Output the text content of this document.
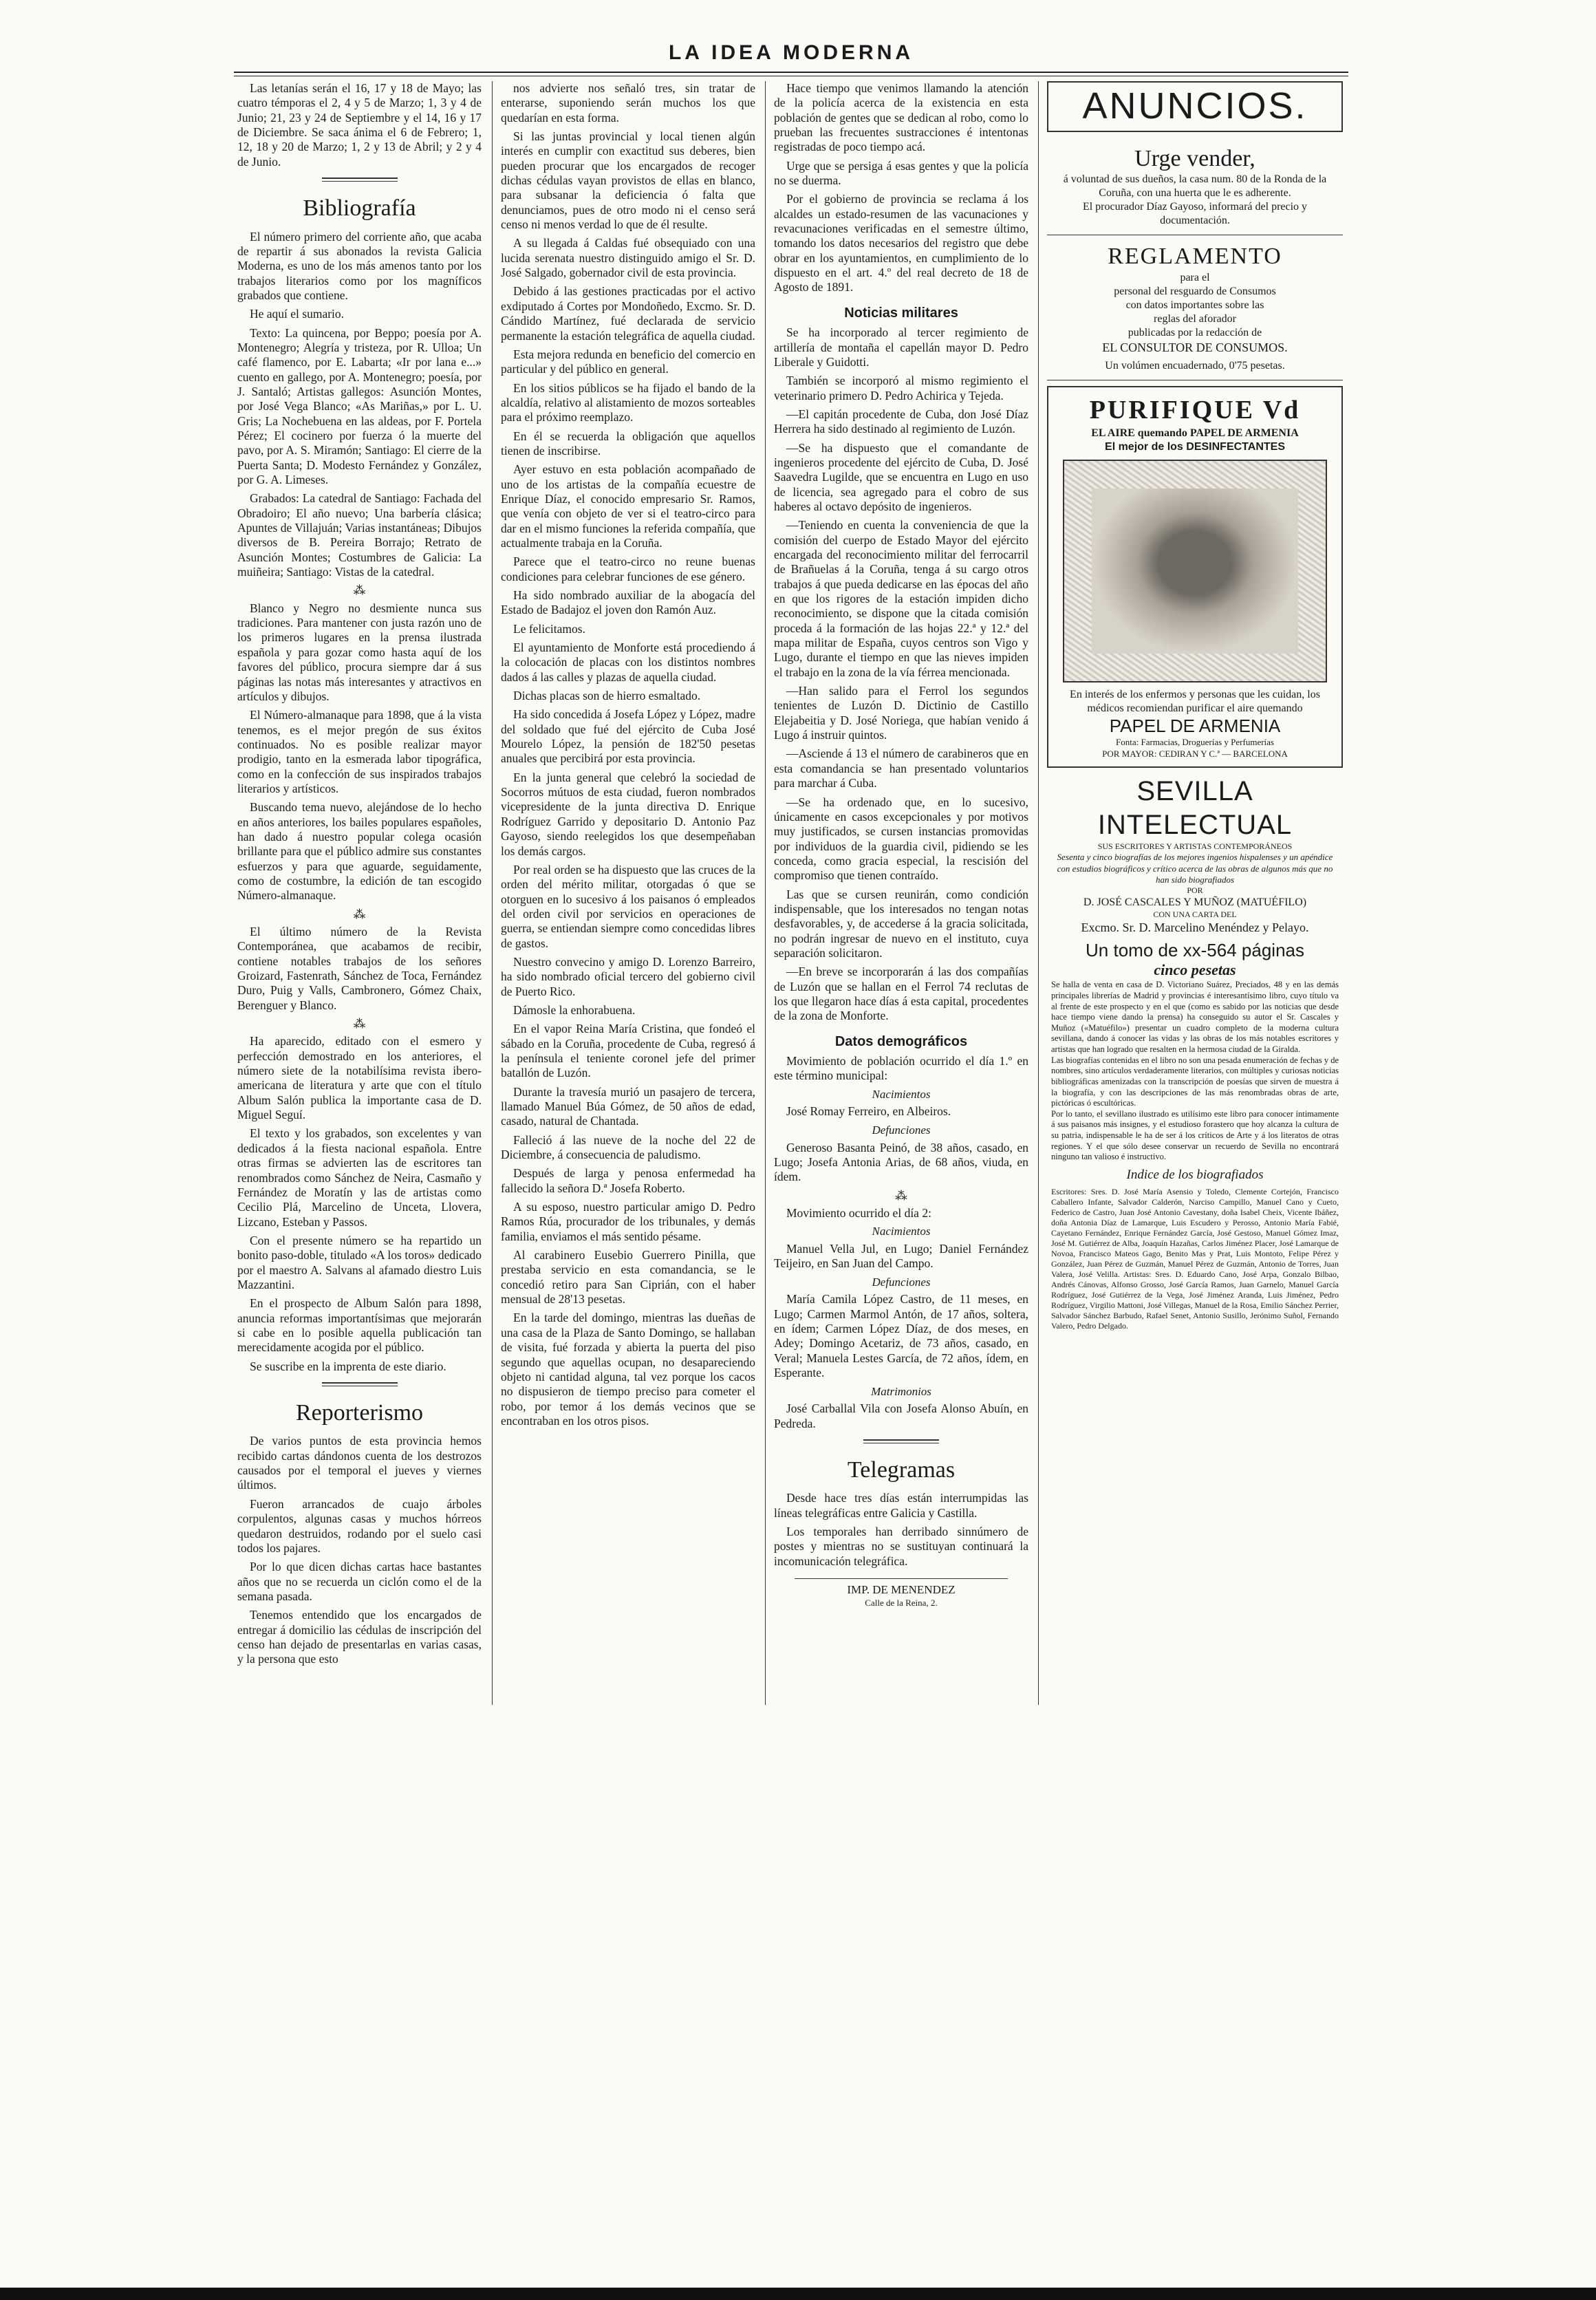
LA IDEA MODERNA

Las letanías serán el 16, 17 y 18 de Mayo; las cuatro témporas el 2, 4 y 5 de Marzo; 1, 3 y 4 de Junio; 21, 23 y 24 de Septiembre y el 14, 16 y 17 de Diciembre. Se saca ánima el 6 de Febrero; 1, 12, 18 y 20 de Marzo; 1, 2 y 13 de Abril; y 2 y 4 de Junio.

Bibliografía

El número primero del corriente año, que acaba de repartir á sus abonados la revista Galicia Moderna, es uno de los más amenos tanto por los trabajos literarios como por los magníficos grabados que contiene.

He aquí el sumario.

Texto: La quincena, por Beppo; poesía por A. Montenegro; Alegría y tristeza, por R. Ulloa; Un café flamenco, por E. Labarta; «Ir por lana e...» cuento en gallego, por A. Montenegro; poesía, por J. Santaló; Artistas gallegos: Asunción Montes, por José Vega Blanco; «As Mariñas,» por L. U. Gris; La Nochebuena en las aldeas, por F. Portela Pérez; El cocinero por fuerza ó la muerte del pavo, por A. S. Miramón; Santiago: El cierre de la Puerta Santa; D. Modesto Fernández y González, por G. A. Limeses.

Grabados: La catedral de Santiago: Fachada del Obradoiro; El año nuevo; Una barbería clásica; Apuntes de Villajuán; Varias instantáneas; Dibujos diversos de B. Pereira Borrajo; Retrato de Asunción Montes; Costumbres de Galicia: La muiñeira; Santiago: Vistas de la catedral.

⁂

Blanco y Negro no desmiente nunca sus tradiciones. Para mantener con justa razón uno de los primeros lugares en la prensa ilustrada española y para gozar como hasta aquí de los favores del público, procura siempre dar á sus páginas las notas más interesantes y atractivos en artículos y dibujos.

El Número-almanaque para 1898, que á la vista tenemos, es el mejor pregón de sus éxitos continuados. No es posible realizar mayor prodigio, tanto en la esmerada labor tipográfica, como en la confección de sus inspirados trabajos literarios y artísticos.

Buscando tema nuevo, alejándose de lo hecho en años anteriores, los bailes populares españoles, han dado á nuestro popular colega ocasión brillante para que el público admire sus constantes esfuerzos y para que aguarde, seguidamente, como de costumbre, la edición de tan escogido Número-almanaque.

⁂

El último número de la Revista Contemporánea, que acabamos de recibir, contiene notables trabajos de los señores Groizard, Fastenrath, Sánchez de Toca, Fernández Duro, Puig y Valls, Cambronero, Gómez Chaix, Berenguer y Blanco.

⁂

Ha aparecido, editado con el esmero y perfección demostrado en los anteriores, el número siete de la notabilísima revista ibero-americana de literatura y arte que con el título Album Salón publica la importante casa de D. Miguel Seguí.

El texto y los grabados, son excelentes y van dedicados á la fiesta nacional española. Entre otras firmas se advierten las de escritores tan renombrados como Sánchez de Neira, Casmaño y Fernández de Moratín y las de artistas como Cecilio Plá, Marcelino de Unceta, Llovera, Lizcano, Esteban y Passos.

Con el presente número se ha repartido un bonito paso-doble, titulado «A los toros» dedicado por el maestro A. Salvans al afamado diestro Luis Mazzantini.

En el prospecto de Album Salón para 1898, anuncia reformas importantísimas que mejorarán si cabe en lo posible aquella publicación tan merecidamente acogida por el público.

Se suscribe en la imprenta de este diario.

Reporterismo

De varios puntos de esta provincia hemos recibido cartas dándonos cuenta de los destrozos causados por el temporal el jueves y viernes últimos.

Fueron arrancados de cuajo árboles corpulentos, algunas casas y muchos hórreos quedaron destruidos, rodando por el suelo casi todos los pajares.

Por lo que dicen dichas cartas hace bastantes años que no se recuerda un ciclón como el de la semana pasada.

Tenemos entendido que los encargados de entregar á domicilio las cédulas de inscripción del censo han dejado de presentarlas en varias casas, y la persona que esto

nos advierte nos señaló tres, sin tratar de enterarse, suponiendo serán muchos los que quedarían en esta forma.

Si las juntas provincial y local tienen algún interés en cumplir con exactitud sus deberes, bien pueden procurar que los encargados de recoger dichas cédulas vayan provistos de ellas en blanco, para subsanar la deficiencia ó falta que denunciamos, pues de otro modo ni el censo será censo ni menos verdad lo que de él resulte.

A su llegada á Caldas fué obsequiado con una lucida serenata nuestro distinguido amigo el Sr. D. José Salgado, gobernador civil de esta provincia.

Debido á las gestiones practicadas por el activo exdiputado á Cortes por Mondoñedo, Excmo. Sr. D. Cándido Martínez, fué declarada de servicio permanente la estación telegráfica de aquella ciudad.

Esta mejora redunda en beneficio del comercio en particular y del público en general.

En los sitios públicos se ha fijado el bando de la alcaldía, relativo al alistamiento de mozos sorteables para el próximo reemplazo.

En él se recuerda la obligación que aquellos tienen de inscribirse.

Ayer estuvo en esta población acompañado de uno de los artistas de la compañía ecuestre de Enrique Díaz, el conocido empresario Sr. Ramos, que venía con objeto de ver si el teatro-circo para dar en el mismo funciones la referida compañía, que actualmente trabaja en la Coruña.

Parece que el teatro-circo no reune buenas condiciones para celebrar funciones de ese género.

Ha sido nombrado auxiliar de la abogacía del Estado de Badajoz el joven don Ramón Auz.

Le felicitamos.

El ayuntamiento de Monforte está procediendo á la colocación de placas con los distintos nombres dados á las calles y plazas de aquella ciudad.

Dichas placas son de hierro esmaltado.

Ha sido concedida á Josefa López y López, madre del soldado que fué del ejército de Cuba José Mourelo López, la pensión de 182'50 pesetas anuales que percibirá por esta provincia.

En la junta general que celebró la sociedad de Socorros mútuos de esta ciudad, fueron nombrados vicepresidente de la junta directiva D. Enrique Rodríguez Garrido y depositario D. Antonio Paz Gayoso, siendo reelegidos los que desempeñaban los demás cargos.

Por real orden se ha dispuesto que las cruces de la orden del mérito militar, otorgadas ó que se otorguen en lo sucesivo á los paisanos ó empleados del orden civil por servicios en operaciones de guerra, se entiendan siempre como concedidas libres de gastos.

Nuestro convecino y amigo D. Lorenzo Barreiro, ha sido nombrado oficial tercero del gobierno civil de Puerto Rico.

Dámosle la enhorabuena.

En el vapor Reina María Cristina, que fondeó el sábado en la Coruña, procedente de Cuba, regresó á la península el teniente coronel jefe del primer batallón de Luzón.

Durante la travesía murió un pasajero de tercera, llamado Manuel Búa Gómez, de 50 años de edad, casado, natural de Chantada.

Falleció á las nueve de la noche del 22 de Diciembre, á consecuencia de paludismo.

Después de larga y penosa enfermedad ha fallecido la señora D.ª Josefa Roberto.

A su esposo, nuestro particular amigo D. Pedro Ramos Rúa, procurador de los tribunales, y demás familia, enviamos el más sentido pésame.

Al carabinero Eusebio Guerrero Pinilla, que prestaba servicio en esta comandancia, se le concedió retiro para San Ciprián, con el haber mensual de 28'13 pesetas.

En la tarde del domingo, mientras las dueñas de una casa de la Plaza de Santo Domingo, se hallaban de visita, fué forzada y abierta la puerta del piso segundo que aquellas ocupan, no desapareciendo objeto ni cantidad alguna, tal vez porque los cacos no dispusieron de tiempo preciso para cometer el robo, por temor á los demás vecinos que se encontraban en los otros pisos.

Hace tiempo que venimos llamando la atención de la policía acerca de la existencia en esta población de gentes que se dedican al robo, como lo prueban las frecuentes sustracciones é intentonas registradas de poco tiempo acá.

Urge que se persiga á esas gentes y que la policía no se duerma.

Por el gobierno de provincia se reclama á los alcaldes un estado-resumen de las vacunaciones y revacunaciones verificadas en el semestre último, tomando los datos necesarios del registro que debe obrar en los ayuntamientos, en cumplimiento de lo dispuesto en el art. 4.º del real decreto de 18 de Agosto de 1891.

Noticias militares

Se ha incorporado al tercer regimiento de artillería de montaña el capellán mayor D. Pedro Liberale y Guidotti.

También se incorporó al mismo regimiento el veterinario primero D. Pedro Achirica y Tejeda.

—El capitán procedente de Cuba, don José Díaz Herrera ha sido destinado al regimiento de Luzón.

—Se ha dispuesto que el comandante de ingenieros procedente del ejército de Cuba, D. José Saavedra Lugilde, que se encuentra en Lugo en uso de licencia, sea agregado para el cobro de sus haberes al octavo depósito de ingenieros.

—Teniendo en cuenta la conveniencia de que la comisión del cuerpo de Estado Mayor del ejército encargada del reconocimiento militar del ferrocarril de Brañuelas á la Coruña, tenga á su cargo otros trabajos á que pueda dedicarse en las épocas del año en que los rigores de la estación impiden dicho reconocimiento, se dispone que la citada comisión proceda á la formación de las hojas 22.ª y 12.ª del mapa militar de España, cuyos centros son Vigo y Lugo, durante el tiempo en que las nieves impiden el trabajo en la zona de la vía férrea mencionada.

—Han salido para el Ferrol los segundos tenientes de Luzón D. Dictinio de Castillo Elejabeitia y D. José Noriega, que habían venido á Lugo á instruir quintos.

—Asciende á 13 el número de carabineros que en esta comandancia se han presentado voluntarios para marchar á Cuba.

—Se ha ordenado que, en lo sucesivo, únicamente en casos excepcionales y por motivos muy justificados, se cursen instancias promovidas por individuos de la guardia civil, pidiendo se les conceda, como gracia especial, la rescisión del compromiso que tienen contraído.

Las que se cursen reunirán, como condición indispensable, que los interesados no tengan notas desfavorables, y, de accederse á la gracia solicitada, no podrán ingresar de nuevo en el instituto, cuya separación solicitaron.

—En breve se incorporarán á las dos compañías de Luzón que se hallan en el Ferrol 74 reclutas de los que llegaron hace días á esta capital, procedentes de la zona de Monforte.

Datos demográficos

Movimiento de población ocurrido el día 1.º en este término municipal:

Nacimientos

José Romay Ferreiro, en Albeiros.

Defunciones

Generoso Basanta Peinó, de 38 años, casado, en Lugo; Josefa Antonia Arias, de 68 años, viuda, en ídem.

⁂

Movimiento ocurrido el día 2:

Nacimientos

Manuel Vella Jul, en Lugo; Daniel Fernández Teijeiro, en San Juan del Campo.

Defunciones

María Camila López Castro, de 11 meses, en Lugo; Carmen Marmol Antón, de 17 años, soltera, en ídem; Carmen López Díaz, de dos meses, en Adey; Domingo Acetariz, de 73 años, casado, en Veral; Manuela Lestes García, de 72 años, ídem, en Esperante.

Matrimonios

José Carballal Vila con Josefa Alonso Abuín, en Pedreda.

Telegramas

Desde hace tres días están interrumpidas las líneas telegráficas entre Galicia y Castilla.

Los temporales han derribado sinnúmero de postes y mientras no se sustituyan continuará la incomunicación telegráfica.

IMP. DE MENENDEZ
Calle de la Reina, 2.
ANUNCIOS.
Urge vender,
á voluntad de sus dueños, la casa num. 80 de la Ronda de la Coruña, con una huerta que le es adherente.
El procurador Díaz Gayoso, informará del precio y documentación.
REGLAMENTO
para el
personal del resguardo de Consumos
con datos importantes sobre las
reglas del aforador
publicadas por la redacción de
EL CONSULTOR DE CONSUMOS.
Un volúmen encuadernado, 0'75 pesetas.
PURIFIQUE Vd
EL AIRE quemando PAPEL DE ARMENIA
El mejor de los DESINFECTANTES
En interés de los enfermos y personas que les cuidan, los médicos recomiendan purificar el aire quemando
PAPEL DE ARMENIA
Fonta: Farmacias, Droguerías y Perfumerías
POR MAYOR: CEDIRAN Y C.ª — BARCELONA
SEVILLA INTELECTUAL
SUS ESCRITORES Y ARTISTAS CONTEMPORÁNEOS
Sesenta y cinco biografías de los mejores ingenios hispalenses y un apéndice con estudios biográficos y crítico acerca de las obras de algunos más que no han sido biografiados
POR
D. JOSÉ CASCALES Y MUÑOZ (MATUÉFILO)
CON UNA CARTA DEL
Excmo. Sr. D. Marcelino Menéndez y Pelayo.
Un tomo de xx-564 páginas
cinco pesetas
Se halla de venta en casa de D. Victoriano Suárez, Preciados, 48 y en las demás principales librerías de Madrid y provincias é interesantísimo libro, cuyo título va al frente de este prospecto y en el que (como es sabido por las noticias que desde hace tiempo viene dando la prensa) ha conseguido su autor el Sr. Cascales y Muñoz («Matuéfilo») presentar un cuadro completo de la moderna cultura sevillana, dando á conocer las vidas y las obras de los más notables escritores y artistas que han logrado que resalten en la hermosa ciudad de la Giralda.
Las biografías contenidas en el libro no son una pesada enumeración de fechas y de nombres, sino artículos verdaderamente literarios, con múltiples y curiosas noticias bibliográficas amenizadas con la transcripción de poesías que sirven de muestra á la biografía, y con las descripciones de las más renombradas obras de arte, pictóricas ó escultóricas.
Por lo tanto, el sevillano ilustrado es utilísimo este libro para conocer íntimamente á sus paisanos más insignes, y el estudioso forastero que hoy alcanza la cultura de su patria, indispensable le ha de ser á los críticos de Arte y á los literatos de otras regiones. Y el que sólo desee conservar un recuerdo de Sevilla no encontrará ninguno tan valioso é instructivo.
Indice de los biografiados
Escritores: Sres. D. José María Asensio y Toledo, Clemente Cortejón, Francisco Caballero Infante, Salvador Calderón, Narciso Campillo, Manuel Cano y Cueto, Federico de Castro, Juan José Antonio Cavestany, doña Isabel Cheix, Vicente Ibáñez, doña Antonia Díaz de Lamarque, Luis Escudero y Perosso, Antonio María Fabié, Cayetano Fernández, Enrique Fernández García, José Gestoso, Manuel Gómez Imaz, José M. Gutiérrez de Alba, Joaquín Hazañas, Carlos Jiménez Placer, José Lamarque de Novoa, Francisco Mateos Gago, Benito Mas y Prat, Luis Montoto, Felipe Pérez y González, Juan Pérez de Guzmán, Manuel Pérez de Guzmán, Antonio de Torres, Juan Valera, José Velilla. Artistas: Sres. D. Eduardo Cano, José Arpa, Gonzalo Bilbao, Andrés Cánovas, Alfonso Grosso, José García Ramos, Juan Garnelo, Manuel García Rodríguez, José Gutiérrez de la Vega, José Jiménez Aranda, Luis Jiménez, Pedro Rodríguez, Virgilio Mattoni, José Villegas, Manuel de la Rosa, Emilio Sánchez Perrier, Salvador Sánchez Barbudo, Rafael Senet, Antonio Susillo, Jerónimo Suñol, Fernando Valero, Pedro Delgado.
